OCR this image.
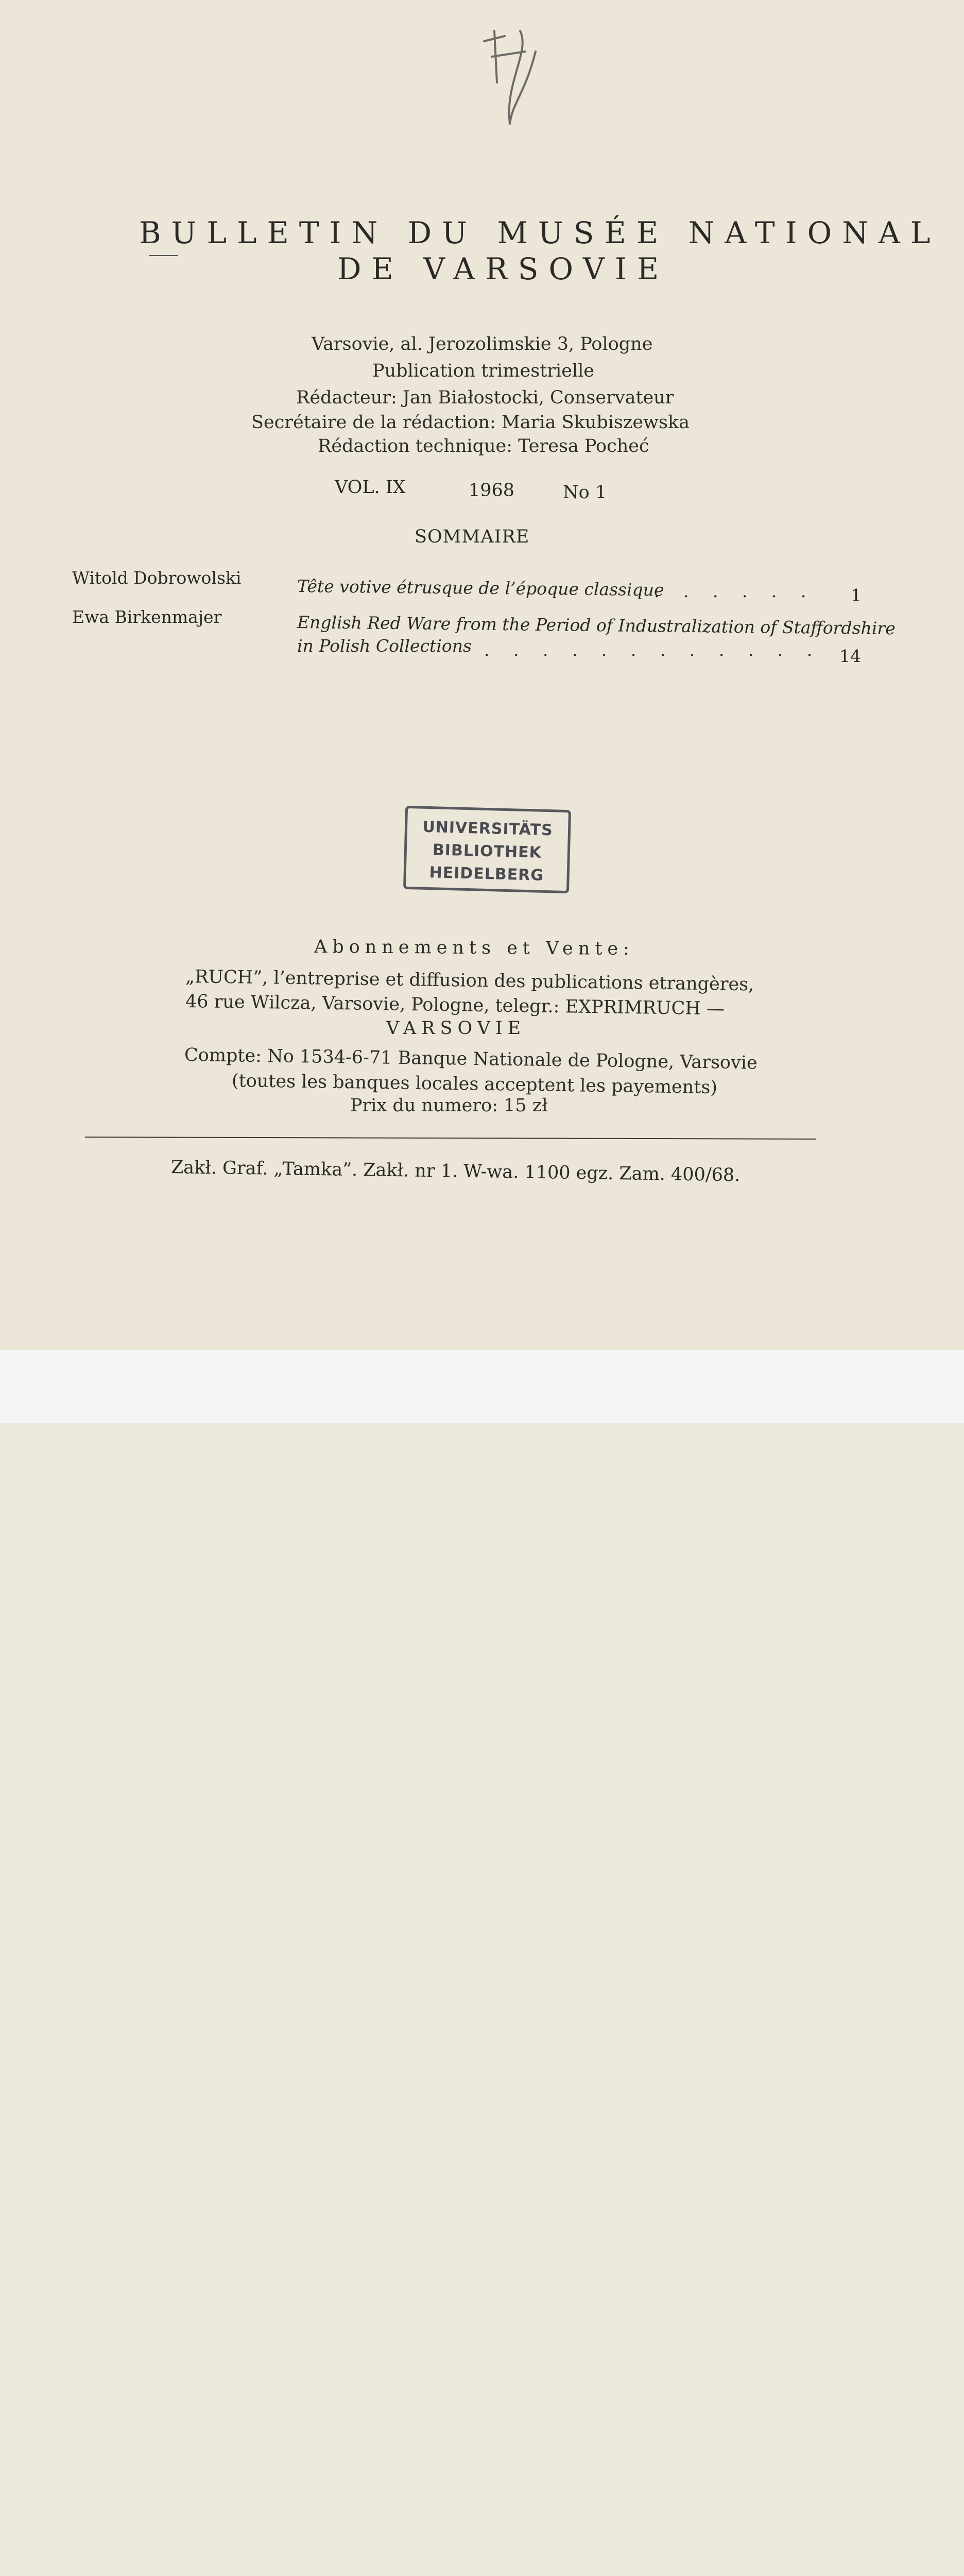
BULLETIN DU MUSÉE NATIONAL
DE VARSOVIE
Varsovie, al. Jerozolimskie 3, Pologne
Publication trimestrielle
Rédacteur: Jan Białostocki, Conservateur
Secrétaire de la rédaction: Maria Skubiszewska
Rédaction technique: Teresa Pocheć
VOL. IX	1968	No 1
SOMMAIRE
Witold Dobrowolski	Tête votive étrusque de l’époque classique
. . . . . . 1
Ewa Birkenmajer	English Red Ware from the Period of Industralization of Staffordshire
in Polish Collections . . . . . . . . . . . . 14
UNIVERSITÄTS
BIBLIOTHEK
HEIDELBERG
Abonnements et Vente:
„RUCH”, l’entreprise et diffusion des publications etrangères,
46 rue Wilcza, Varsovie, Pologne, telegr.: EXPRIMRUCH —
VARSOVIE
Compte: No 1534-6-71 Banque Nationale de Pologne, Varsovie
(toutes les banques locales acceptent les payements)
Prix du numero: 15 zł
Zakł. Graf. „Tamka”. Zakł. nr 1. W-wa. 1100 egz. Zam. 400/68.
